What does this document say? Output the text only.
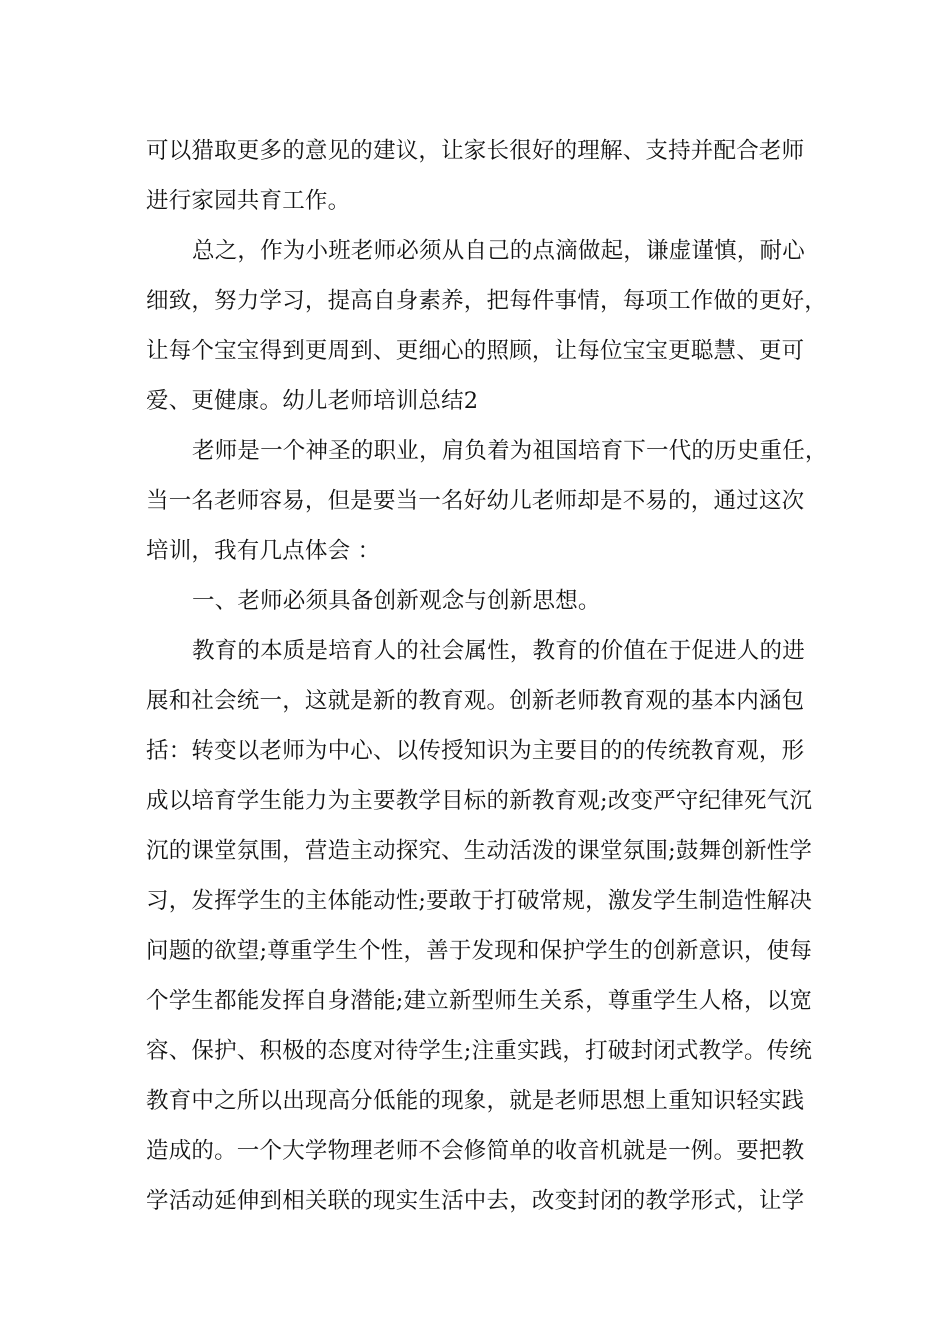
可以猎取更多的意见的建议，让家长很好的理解、支持并配合老师
进行家园共育工作。
总之，作为小班老师必须从自己的点滴做起，谦虚谨慎，耐心
细致，努力学习，提高自身素养，把每件事情，每项工作做的更好，
让每个宝宝得到更周到、更细心的照顾，让每位宝宝更聪慧、更可
爱、更健康。幼儿老师培训总结2
老师是一个神圣的职业，肩负着为祖国培育下一代的历史重任，
当一名老师容易，但是要当一名好幼儿老师却是不易的，通过这次
培训，我有几点体会 ：
一、老师必须具备创新观念与创新思想。
教育的本质是培育人的社会属性，教育的价值在于促进人的进
展和社会统一，这就是新的教育观。创新老师教育观的基本内涵包
括：转变以老师为中心、以传授知识为主要目的的传统教育观，形
成以培育学生能力为主要教学目标的新教育观;改变严守纪律死气沉
沉的课堂氛围，营造主动探究、生动活泼的课堂氛围;鼓舞创新性学
习，发挥学生的主体能动性;要敢于打破常规，激发学生制造性解决
问题的欲望;尊重学生个性，善于发现和保护学生的创新意识，使每
个学生都能发挥自身潜能;建立新型师生关系，尊重学生人格，以宽
容、保护、积极的态度对待学生;注重实践，打破封闭式教学。传统
教育中之所以出现高分低能的现象，就是老师思想上重知识轻实践
造成的。一个大学物理老师不会修简单的收音机就是一例。要把教
学活动延伸到相关联的现实生活中去，改变封闭的教学形式，让学
